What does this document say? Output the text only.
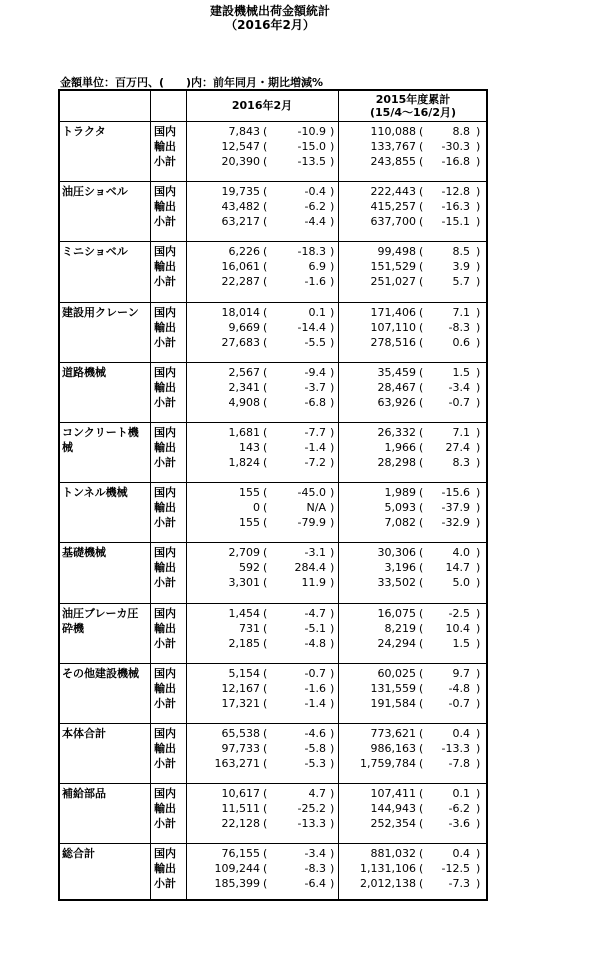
建設機械出荷金額統計
（2016年2月）
金額単位：百万円、(　　)内：前年同月・期比増減%
2016年2月	2015年度累計
(15/4～16/2月)
トラクタ	国内	7,843 (	-10.9 )	110,088 (	8.8 )
輸出	12,547 (	-15.0 )	133,767 (	-30.3 )
小計	20,390 (	-13.5 )	243,855 (	-16.8 )
油圧ショベル	国内	19,735 (	-0.4 )	222,443 (	-12.8 )
輸出	43,482 (	-6.2 )	415,257 (	-16.3 )
小計	63,217 (	-4.4 )	637,700 (	-15.1 )
ミニショベル	国内	6,226 (	-18.3 )	99,498 (	8.5 )
輸出	16,061 (	6.9 )	151,529 (	3.9 )
小計	22,287 (	-1.6 )	251,027 (	5.7 )
建設用クレーン	国内	18,014 (	0.1 )	171,406 (	7.1 )
輸出	9,669 (	-14.4 )	107,110 (	-8.3 )
小計	27,683 (	-5.5 )	278,516 (	0.6 )
道路機械	国内	2,567 (	-9.4 )	35,459 (	1.5 )
輸出	2,341 (	-3.7 )	28,467 (	-3.4 )
小計	4,908 (	-6.8 )	63,926 (	-0.7 )
コンクリート機械
国内	1,681 (	-7.7 )	26,332 (	7.1 )
輸出	143 (	-1.4 )	1,966 (	27.4 )
小計	1,824 (	-7.2 )	28,298 (	8.3 )
トンネル機械	国内	155 (	-45.0 )	1,989 (	-15.6 )
輸出	0 (	N/A )	5,093 (	-37.9 )
小計	155 (	-79.9 )	7,082 (	-32.9 )
基礎機械	国内	2,709 (	-3.1 )	30,306 (	4.0 )
輸出	592 (	284.4 )	3,196 (	14.7 )
小計	3,301 (	11.9 )	33,502 (	5.0 )
油圧ブレーカ圧砕機
国内	1,454 (	-4.7 )	16,075 (	-2.5 )
輸出	731 (	-5.1 )	8,219 (	10.4 )
小計	2,185 (	-4.8 )	24,294 (	1.5 )
その他建設機械	国内	5,154 (	-0.7 )	60,025 (	9.7 )
輸出	12,167 (	-1.6 )	131,559 (	-4.8 )
小計	17,321 (	-1.4 )	191,584 (	-0.7 )
本体合計	国内	65,538 (	-4.6 )	773,621 (	0.4 )
輸出	97,733 (	-5.8 )	986,163 (	-13.3 )
小計	163,271 (	-5.3 )	1,759,784 (	-7.8 )
補給部品	国内	10,617 (	4.7 )	107,411 (	0.1 )
輸出	11,511 (	-25.2 )	144,943 (	-6.2 )
小計	22,128 (	-13.3 )	252,354 (	-3.6 )
総合計	国内	76,155 (	-3.4 )	881,032 (	0.4 )
輸出	109,244 (	-8.3 )	1,131,106 (	-12.5 )
小計	185,399 (	-6.4 )	2,012,138 (	-7.3 )
